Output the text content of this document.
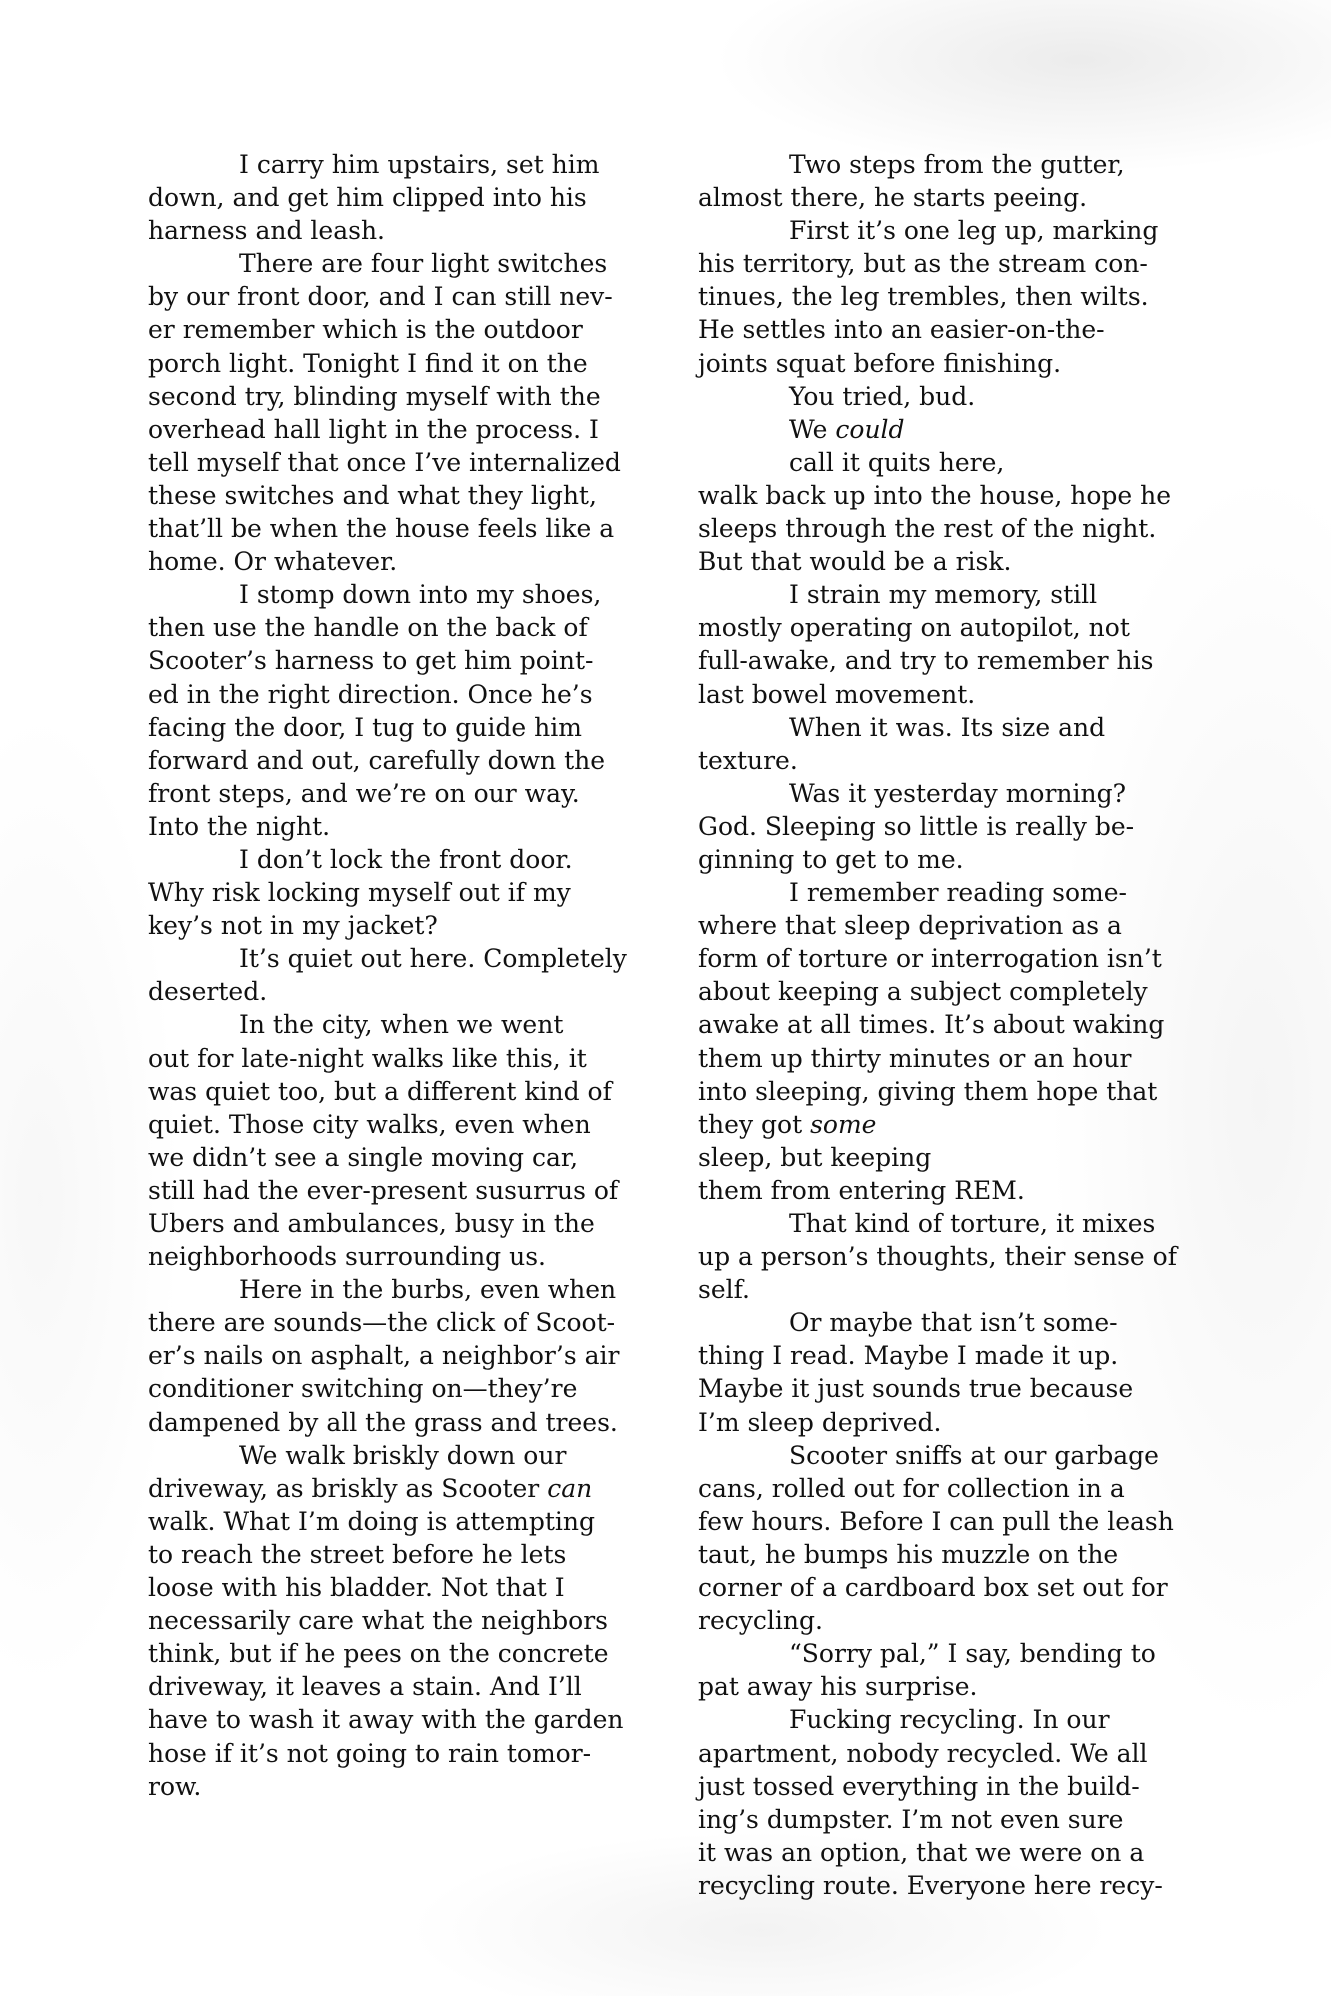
I carry him upstairs, set him
down, and get him clipped into his
harness and leash.

There are four light switches
by our front door, and I can still nev-
er remember which is the outdoor
porch light. Tonight I find it on the
second try, blinding myself with the
overhead hall light in the process. I
tell myself that once I’ve internalized
these switches and what they light,
that’ll be when the house feels like a
home. Or whatever.

I stomp down into my shoes,
then use the handle on the back of
Scooter’s harness to get him point-
ed in the right direction. Once he’s
facing the door, I tug to guide him
forward and out, carefully down the
front steps, and we’re on our way.
Into the night.

I don’t lock the front door.
Why risk locking myself out if my
key’s not in my jacket?

It’s quiet out here. Completely
deserted.

In the city, when we went
out for late-night walks like this, it
was quiet too, but a different kind of
quiet. Those city walks, even when
we didn’t see a single moving car,
still had the ever-present susurrus of
Ubers and ambulances, busy in the
neighborhoods surrounding us.

Here in the burbs, even when
there are sounds—the click of Scoot-
er’s nails on asphalt, a neighbor’s air
conditioner switching on—they’re
dampened by all the grass and trees.

We walk briskly down our
driveway, as briskly as Scooter can
walk. What I’m doing is attempting
to reach the street before he lets
loose with his bladder. Not that I
necessarily care what the neighbors
think, but if he pees on the concrete
driveway, it leaves a stain. And I’ll
have to wash it away with the garden
hose if it’s not going to rain tomor-
row.

Two steps from the gutter,
almost there, he starts peeing.

First it’s one leg up, marking
his territory, but as the stream con-
tinues, the leg trembles, then wilts.
He settles into an easier-on-the-
joints squat before finishing.

You tried, bud.

We could
call it quits here,
walk back up into the house, hope he
sleeps through the rest of the night.
But that would be a risk.

I strain my memory, still
mostly operating on autopilot, not
full-awake, and try to remember his
last bowel movement.

When it was. Its size and
texture.

Was it yesterday morning?
God. Sleeping so little is really be-
ginning to get to me.

I remember reading some-
where that sleep deprivation as a
form of torture or interrogation isn’t
about keeping a subject completely
awake at all times. It’s about waking
them up thirty minutes or an hour
into sleeping, giving them hope that
they got some
sleep, but keeping
them from entering REM.

That kind of torture, it mixes
up a person’s thoughts, their sense of
self.

Or maybe that isn’t some-
thing I read. Maybe I made it up.
Maybe it just sounds true because
I’m sleep deprived.

Scooter sniffs at our garbage
cans, rolled out for collection in a
few hours. Before I can pull the leash
taut, he bumps his muzzle on the
corner of a cardboard box set out for
recycling.

“Sorry pal,” I say, bending to
pat away his surprise.

Fucking recycling. In our
apartment, nobody recycled. We all
just tossed everything in the build-
ing’s dumpster. I’m not even sure
it was an option, that we were on a
recycling route. Everyone here recy-
